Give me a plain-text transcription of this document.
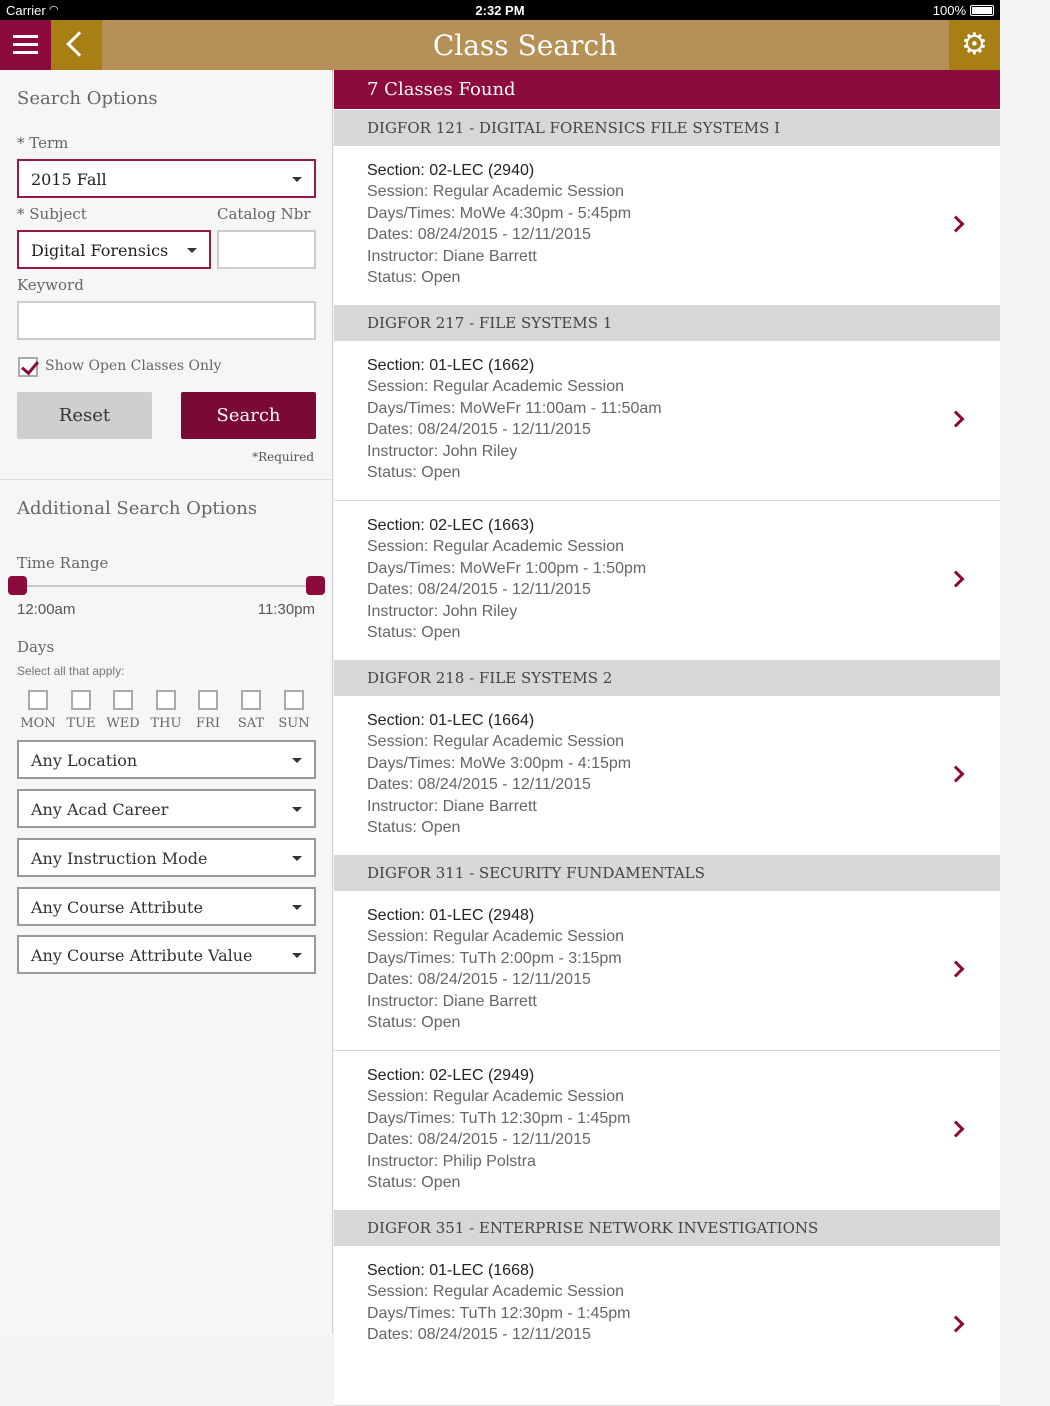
Carrier ◠	2:32 PM	100%
Class Search	⚙
Search Options
* Term
2015 Fall
* Subject	Catalog Nbr
Digital Forensics
Keyword
Show Open Classes Only
Reset	Search
*Required
Additional Search Options
Time Range
12:00am	11:30pm
Days
Select all that apply:
MON TUE WED THU	FRI	SAT	SUN
Any Location
Any Acad Career
Any Instruction Mode
Any Course Attribute
Any Course Attribute Value
7 Classes Found
DIGFOR 121 - DIGITAL FORENSICS FILE SYSTEMS I
Section: 02-LEC (2940)
Session: Regular Academic Session
Days/Times: MoWe 4:30pm - 5:45pm
Dates: 08/24/2015 - 12/11/2015
Instructor: Diane Barrett
Status: Open
DIGFOR 217 - FILE SYSTEMS 1
Section: 01-LEC (1662)
Session: Regular Academic Session
Days/Times: MoWeFr 11:00am - 11:50am
Dates: 08/24/2015 - 12/11/2015
Instructor: John Riley
Status: Open
Section: 02-LEC (1663)
Session: Regular Academic Session
Days/Times: MoWeFr 1:00pm - 1:50pm
Dates: 08/24/2015 - 12/11/2015
Instructor: John Riley
Status: Open
DIGFOR 218 - FILE SYSTEMS 2
Section: 01-LEC (1664)
Session: Regular Academic Session
Days/Times: MoWe 3:00pm - 4:15pm
Dates: 08/24/2015 - 12/11/2015
Instructor: Diane Barrett
Status: Open
DIGFOR 311 - SECURITY FUNDAMENTALS
Section: 01-LEC (2948)
Session: Regular Academic Session
Days/Times: TuTh 2:00pm - 3:15pm
Dates: 08/24/2015 - 12/11/2015
Instructor: Diane Barrett
Status: Open
Section: 02-LEC (2949)
Session: Regular Academic Session
Days/Times: TuTh 12:30pm - 1:45pm
Dates: 08/24/2015 - 12/11/2015
Instructor: Philip Polstra
Status: Open
DIGFOR 351 - ENTERPRISE NETWORK INVESTIGATIONS
Section: 01-LEC (1668)
Session: Regular Academic Session
Days/Times: TuTh 12:30pm - 1:45pm
Dates: 08/24/2015 - 12/11/2015
